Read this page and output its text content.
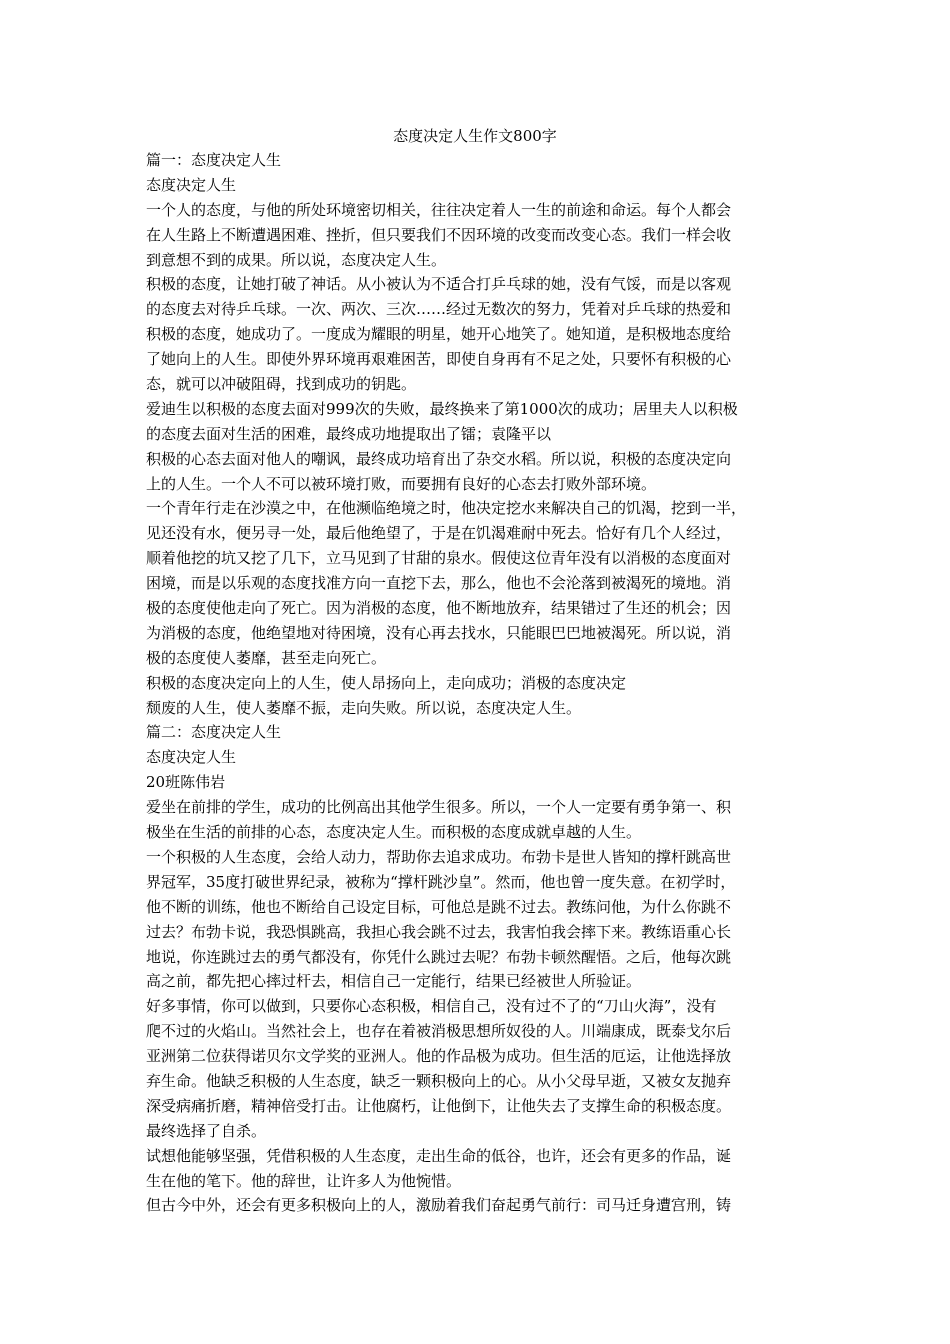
态度决定人生作文800字
篇一：态度决定人生
态度决定人生
一个人的态度，与他的所处环境密切相关，往往决定着人一生的前途和命运。每个人都会
在人生路上不断遭遇困难、挫折，但只要我们不因环境的改变而改变心态。我们一样会收
到意想不到的成果。所以说，态度决定人生。
积极的态度，让她打破了神话。从小被认为不适合打乒乓球的她，没有气馁，而是以客观
的态度去对待乒乓球。一次、两次、三次……经过无数次的努力，凭着对乒乓球的热爱和
积极的态度，她成功了。一度成为耀眼的明星，她开心地笑了。她知道，是积极地态度给
了她向上的人生。即使外界环境再艰难困苦，即使自身再有不足之处，只要怀有积极的心
态，就可以冲破阻碍，找到成功的钥匙。
爱迪生以积极的态度去面对999次的失败，最终换来了第1000次的成功；居里夫人以积极
的态度去面对生活的困难，最终成功地提取出了镭；袁隆平以
积极的心态去面对他人的嘲讽，最终成功培育出了杂交水稻。所以说，积极的态度决定向
上的人生。一个人不可以被环境打败，而要拥有良好的心态去打败外部环境。
一个青年行走在沙漠之中，在他濒临绝境之时，他决定挖水来解决自己的饥渴，挖到一半，
见还没有水，便另寻一处，最后他绝望了，于是在饥渴难耐中死去。恰好有几个人经过，
顺着他挖的坑又挖了几下，立马见到了甘甜的泉水。假使这位青年没有以消极的态度面对
困境，而是以乐观的态度找准方向一直挖下去，那么，他也不会沦落到被渴死的境地。消
极的态度使他走向了死亡。因为消极的态度，他不断地放弃，结果错过了生还的机会；因
为消极的态度，他绝望地对待困境，没有心再去找水，只能眼巴巴地被渴死。所以说，消
极的态度使人萎靡，甚至走向死亡。
积极的态度决定向上的人生，使人昂扬向上，走向成功；消极的态度决定
颓废的人生，使人萎靡不振，走向失败。所以说，态度决定人生。
篇二：态度决定人生
态度决定人生
20班陈伟岩
爱坐在前排的学生，成功的比例高出其他学生很多。所以，一个人一定要有勇争第一、积
极坐在生活的前排的心态，态度决定人生。而积极的态度成就卓越的人生。
一个积极的人生态度，会给人动力，帮助你去追求成功。布勃卡是世人皆知的撑杆跳高世
界冠军，35度打破世界纪录，被称为“撑杆跳沙皇”。然而，他也曾一度失意。在初学时，
他不断的训练，他也不断给自己设定目标，可他总是跳不过去。教练问他，为什么你跳不
过去？布勃卡说，我恐惧跳高，我担心我会跳不过去，我害怕我会摔下来。教练语重心长
地说，你连跳过去的勇气都没有，你凭什么跳过去呢？布勃卡顿然醒悟。之后，他每次跳
高之前，都先把心摔过杆去，相信自己一定能行，结果已经被世人所验证。
好多事情，你可以做到，只要你心态积极，相信自己，没有过不了的“刀山火海”，没有
爬不过的火焰山。当然社会上，也存在着被消极思想所奴役的人。川端康成，既泰戈尔后
亚洲第二位获得诺贝尔文学奖的亚洲人。他的作品极为成功。但生活的厄运，让他选择放
弃生命。他缺乏积极的人生态度，缺乏一颗积极向上的心。从小父母早逝，又被女友抛弃
深受病痛折磨，精神倍受打击。让他腐朽，让他倒下，让他失去了支撑生命的积极态度。
最终选择了自杀。
试想他能够坚强，凭借积极的人生态度，走出生命的低谷，也许，还会有更多的作品，诞
生在他的笔下。他的辞世，让许多人为他惋惜。
但古今中外，还会有更多积极向上的人，激励着我们奋起勇气前行：司马迁身遭宫刑，铸
